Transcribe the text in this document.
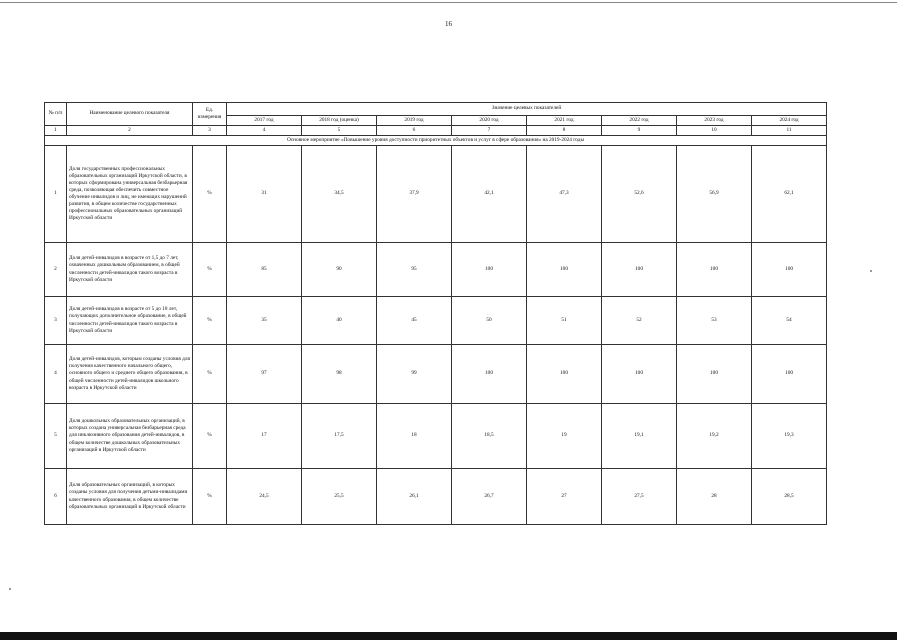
16
№ п/п	Наименование целевого показателя	Ед. измерения	Значение целевых показателей							
			2017 год	2018 год (оценка)	2019 год	2020 год	2021 год	2022 год	2023 год	2024 год
1	2	3	4	5	6	7	8	9	10	11
Основное мероприятие «Повышение уровня доступности приоритетных объектов и услуг в сфере образования» на 2019-2024 годы										
1	Доля государственных профессиональных образовательных организаций Иркутской области, в которых сформирована универсальная безбарьерная среда, позволяющая обеспечить совместное обучение инвалидов и лиц, не имеющих нарушений развития, в общем количестве государственных профессиональных образовательных организаций Иркутской области	%	31	34,5	37,9	42,1	47,3	52,6	56,9	62,1
2	Доля детей-инвалидов в возрасте от 1,5 до 7 лет, охваченных дошкольным образованием, в общей численности детей-инвалидов такого возраста в Иркутской области	%	85	90	95	100	100	100	100	100
3	Доля детей-инвалидов в возрасте от 5 до 18 лет, получающих дополнительное образование, в общей численности детей-инвалидов такого возраста в Иркутской области	%	35	40	45	50	51	52	53	54
4	Доля детей-инвалидов, которым созданы условия для получения качественного начального общего, основного общего и среднего общего образования, в общей численности детей-инвалидов школьного возраста в Иркутской области	%	97	98	99	100	100	100	100	100
5	Доля дошкольных образовательных организаций, в которых создана универсальная безбарьерная среда для инклюзивного образования детей-инвалидов, в общем количестве дошкольных образовательных организаций в Иркутской области	%	17	17,5	18	18,5	19	19,1	19,2	19,3
6	Доля образовательных организаций, в которых созданы условия для получения детьми-инвалидами качественного образования, в общем количестве образовательных организаций в Иркутской области	%	24,5	25,5	26,1	26,7	27	27,5	28	28,5
